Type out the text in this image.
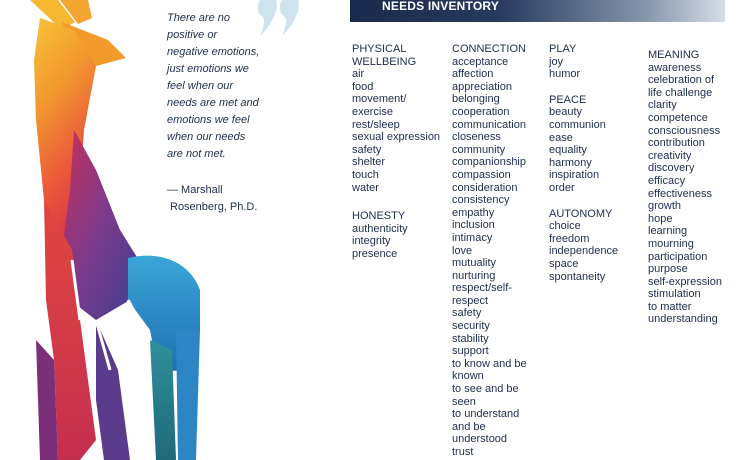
There are no
positive or
negative emotions,
just emotions we
feel when our
needs are met and
emotions we feel
when our needs
are not met.

— Marshall
Rosenberg, Ph.D.

NEEDS INVENTORY
PHYSICAL
WELLBEING
air
food
movement/
exercise
rest/sleep
sexual expression
safety
shelter
touch
water
HONESTY
authenticity
integrity
presence
CONNECTION
acceptance
affection
appreciation
belonging
cooperation
communication
closeness
community
companionship
compassion
consideration
consistency
empathy
inclusion
intimacy
love
mutuality
nurturing
respect/self-
respect
safety
security
stability
support
to know and be
known
to see and be
seen
to understand
and be
understood
trust
PLAY
joy
humor
PEACE
beauty
communion
ease
equality
harmony
inspiration
order
AUTONOMY
choice
freedom
independence
space
spontaneity
MEANING
awareness
celebration of
life challenge
clarity
competence
consciousness
contribution
creativity
discovery
efficacy
effectiveness
growth
hope
learning
mourning
participation
purpose
self-expression
stimulation
to matter
understanding
